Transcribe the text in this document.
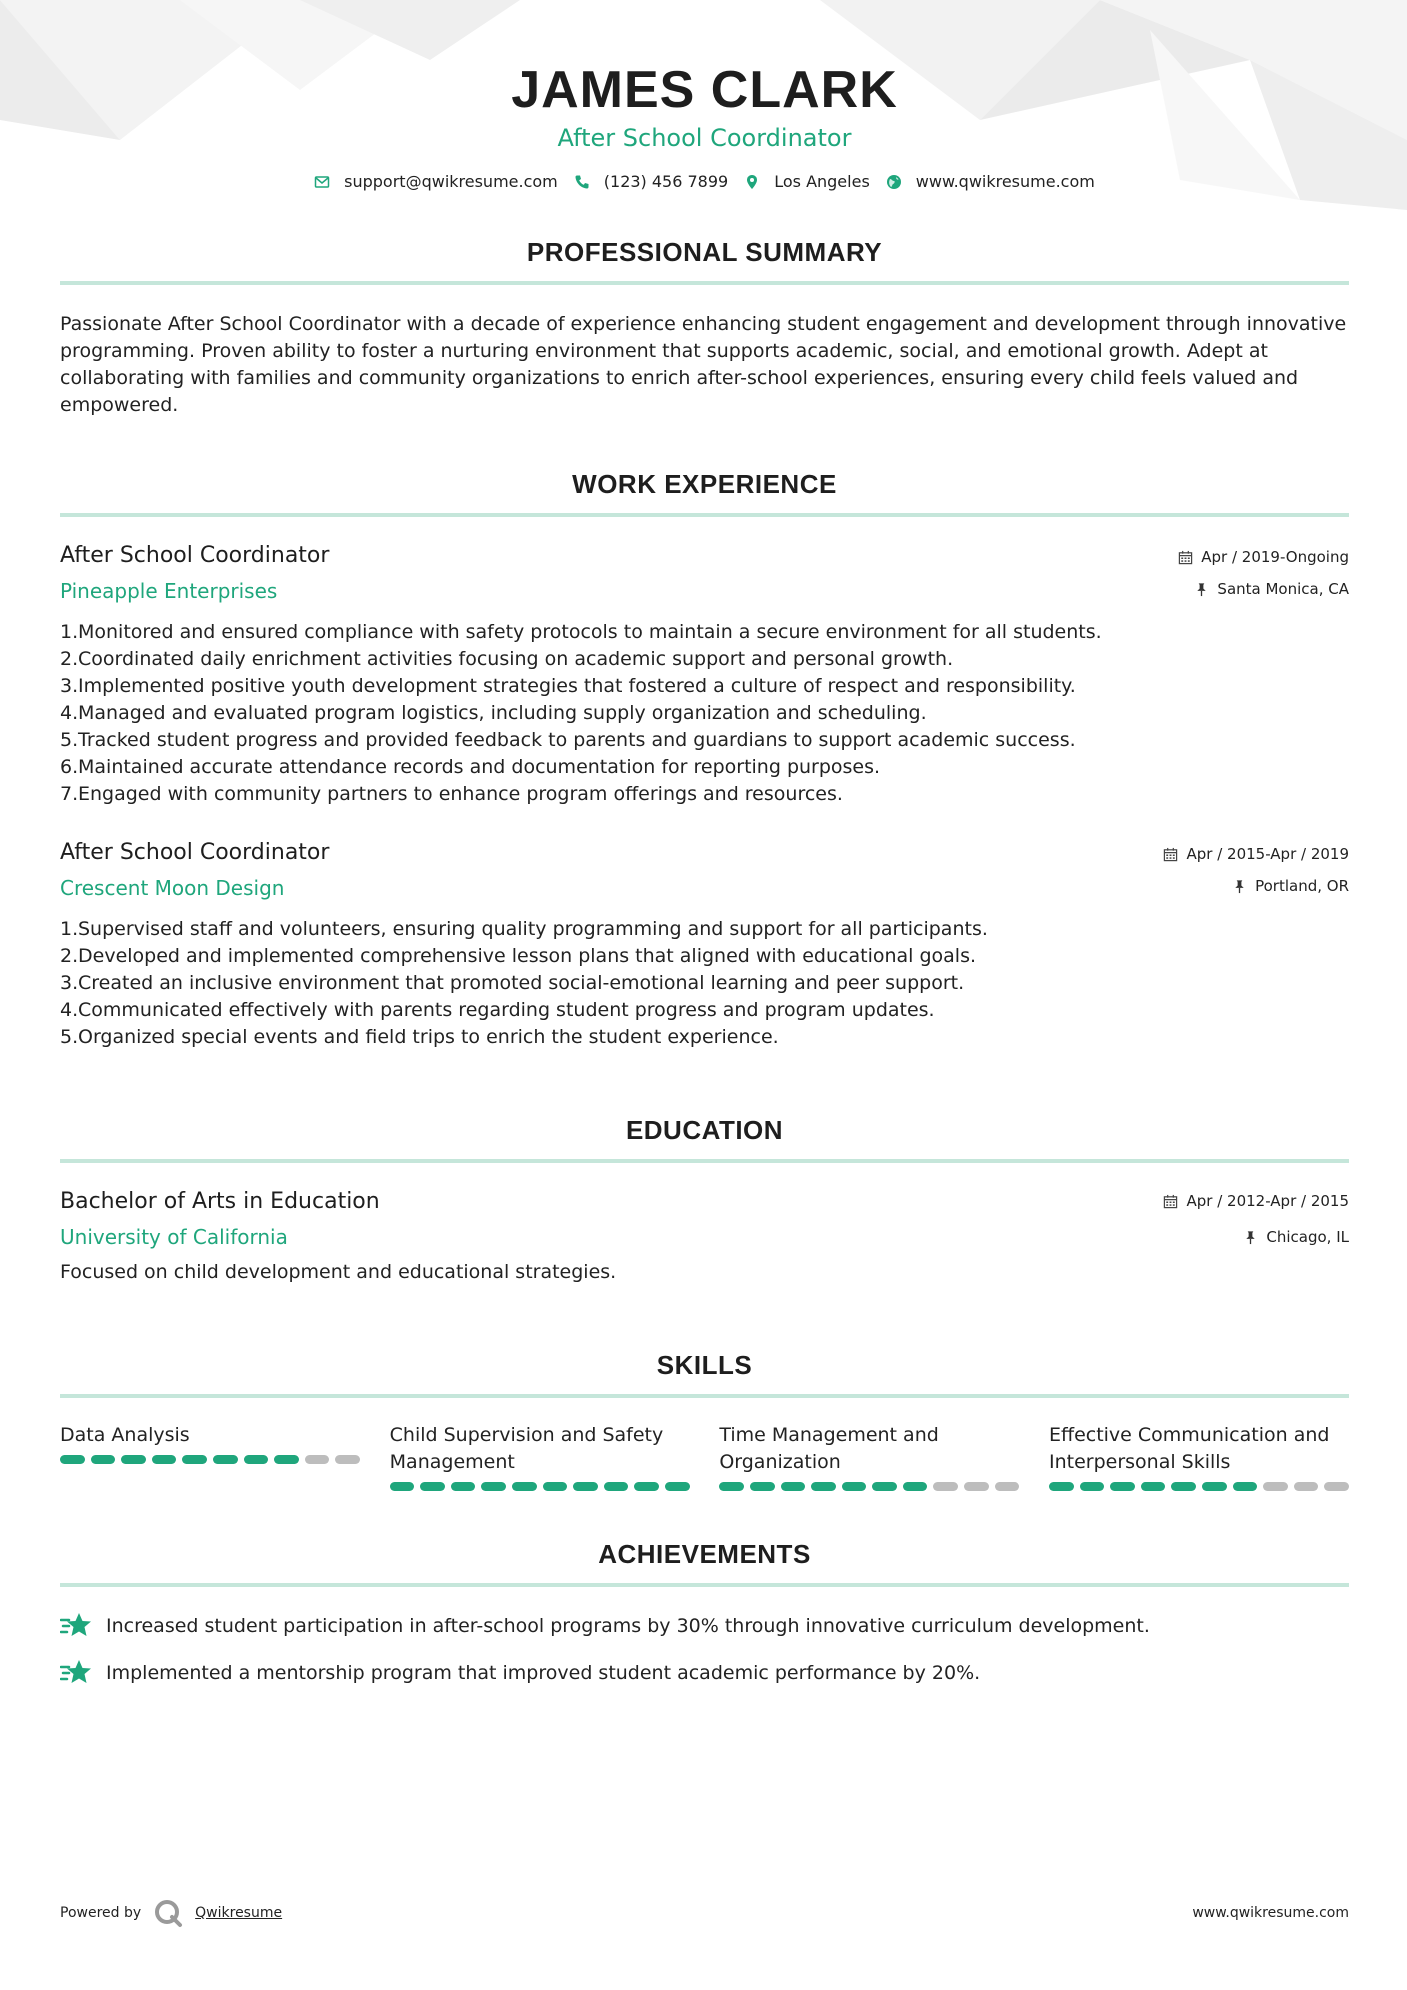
JAMES CLARK
After School Coordinator
support@qwikresume.com	(123) 456 7899	Los Angeles	www.qwikresume.com
PROFESSIONAL SUMMARY
Passionate After School Coordinator with a decade of experience enhancing student engagement and development through innovative programming. Proven ability to foster a nurturing environment that supports academic, social, and emotional growth. Adept at collaborating with families and community organizations to enrich after-school experiences, ensuring every child feels valued and empowered.
WORK EXPERIENCE
After School Coordinator
Pineapple Enterprises
Apr / 2019-Ongoing
Santa Monica, CA
1. Monitored and ensured compliance with safety protocols to maintain a secure environment for all students.
2. Coordinated daily enrichment activities focusing on academic support and personal growth.
3. Implemented positive youth development strategies that fostered a culture of respect and responsibility.
4. Managed and evaluated program logistics, including supply organization and scheduling.
5. Tracked student progress and provided feedback to parents and guardians to support academic success.
6. Maintained accurate attendance records and documentation for reporting purposes.
7. Engaged with community partners to enhance program offerings and resources.
After School Coordinator
Crescent Moon Design
Apr / 2015-Apr / 2019
Portland, OR
1. Supervised staff and volunteers, ensuring quality programming and support for all participants.
2. Developed and implemented comprehensive lesson plans that aligned with educational goals.
3. Created an inclusive environment that promoted social-emotional learning and peer support.
4. Communicated effectively with parents regarding student progress and program updates.
5. Organized special events and field trips to enrich the student experience.
EDUCATION
Bachelor of Arts in Education
University of California
Apr / 2012-Apr / 2015
Chicago, IL
Focused on child development and educational strategies.
SKILLS
Data Analysis	Child Supervision and Safety Management
Time Management and Organization
Effective Communication and Interpersonal Skills
ACHIEVEMENTS
Increased student participation in after-school programs by 30% through innovative curriculum development.
Implemented a mentorship program that improved student academic performance by 20%.
Powered by	Qwikresume	www.qwikresume.com
